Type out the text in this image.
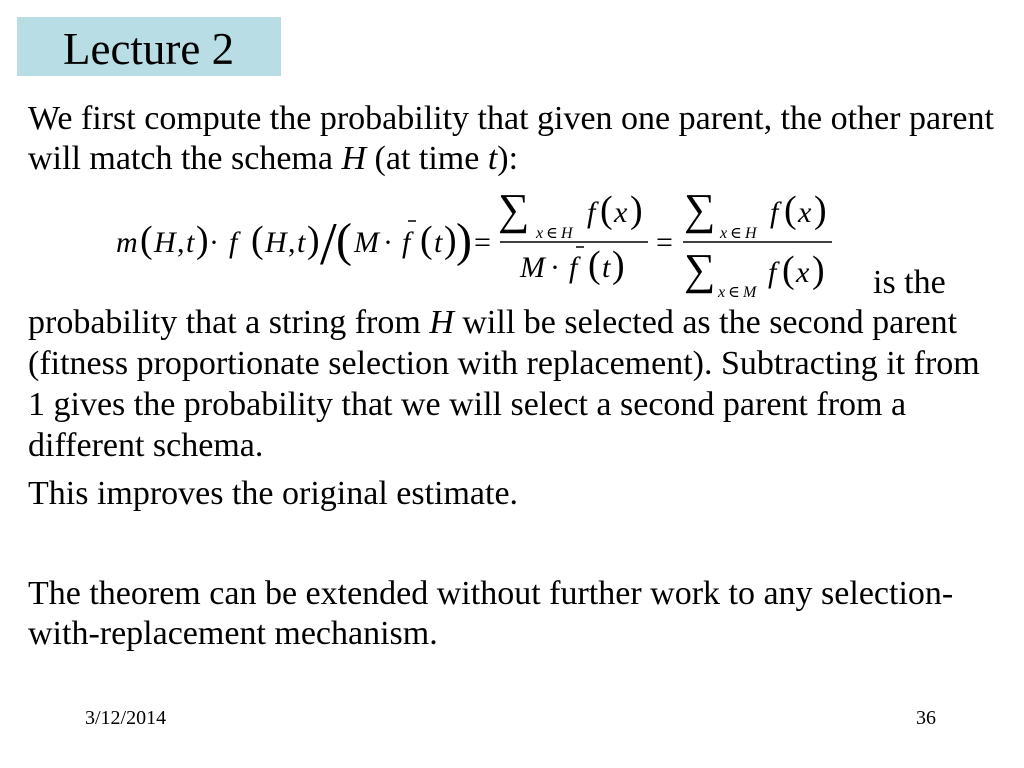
Lecture 2
We first compute the probability that given one parent, the other parent
will match the schema H (at time t):
m ( H , t ) · f ( H , t ) / ( M · f ( t ) ) =
∑ x∈H
f ( x )
M · f ( t )
=
∑ x∈H
f ( x )
∑ x∈M
f ( x ) is the
probability that a string from H will be selected as the second parent
(fitness proportionate selection with replacement). Subtracting it from
1 gives the probability that we will select a second parent from a
different schema.
This improves the original estimate.
The theorem can be extended without further work to any selection-
with-replacement mechanism.
3/12/2014	36
